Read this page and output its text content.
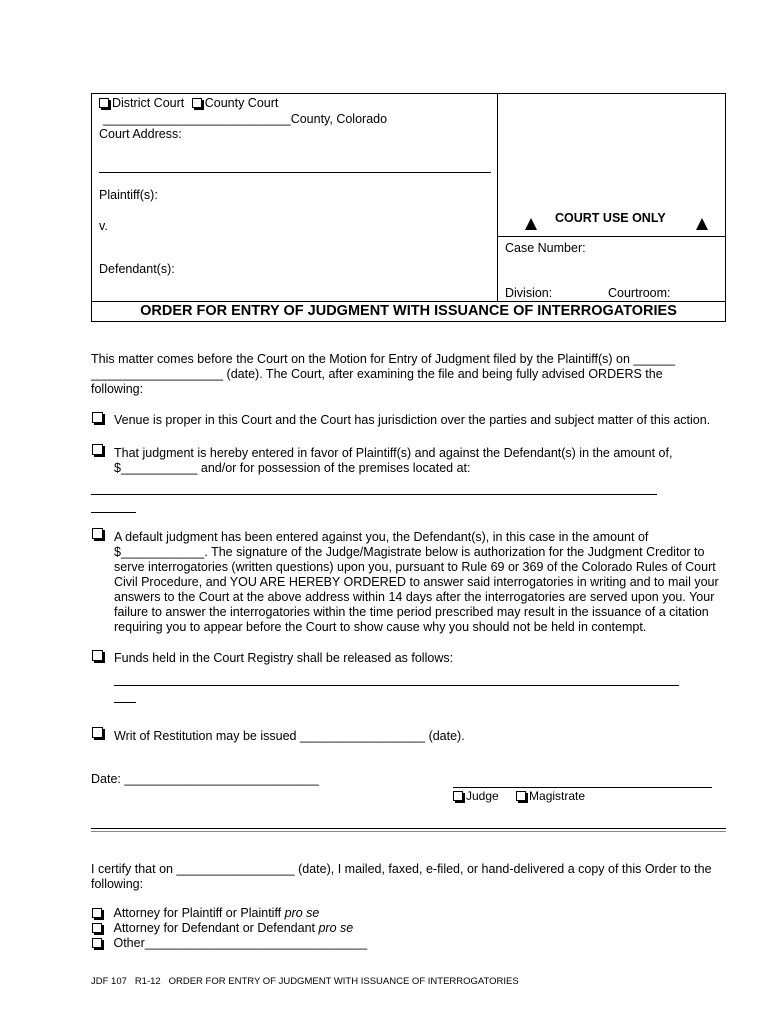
District Court County Court
___________________________County, Colorado
Court Address:
Plaintiff(s):
v.
Defendant(s):
COURT USE ONLY
Case Number:
Division:	Courtroom:
ORDER FOR ENTRY OF JUDGMENT WITH ISSUANCE OF INTERROGATORIES
This matter comes before the Court on the Motion for Entry of Judgment filed by the Plaintiff(s) on ______
___________________ (date). The Court, after examining the file and being fully advised ORDERS the
following:
Venue is proper in this Court and the Court has jurisdiction over the parties and subject matter of this action.
That judgment is hereby entered in favor of Plaintiff(s) and against the Defendant(s) in the amount of,
$___________ and/or for possession of the premises located at:
A default judgment has been entered against you, the Defendant(s), in this case in the amount of
$____________. The signature of the Judge/Magistrate below is authorization for the Judgment Creditor to
serve interrogatories (written questions) upon you, pursuant to Rule 69 or 369 of the Colorado Rules of Court
Civil Procedure, and YOU ARE HEREBY ORDERED to answer said interrogatories in writing and to mail your
answers to the Court at the above address within 14 days after the interrogatories are served upon you. Your
failure to answer the interrogatories within the time period prescribed may result in the issuance of a citation
requiring you to appear before the Court to show cause why you should not be held in contempt.
Funds held in the Court Registry shall be released as follows:
Writ of Restitution may be issued __________________ (date).
Date: ____________________________
Judge	Magistrate
I certify that on _________________ (date), I mailed, faxed, e-filed, or hand-delivered a copy of this Order to the
following:
Attorney for Plaintiff or Plaintiff pro se
Attorney for Defendant or Defendant pro se
Other________________________________
JDF 107   R1-12   ORDER FOR ENTRY OF JUDGMENT WITH ISSUANCE OF INTERROGATORIES
